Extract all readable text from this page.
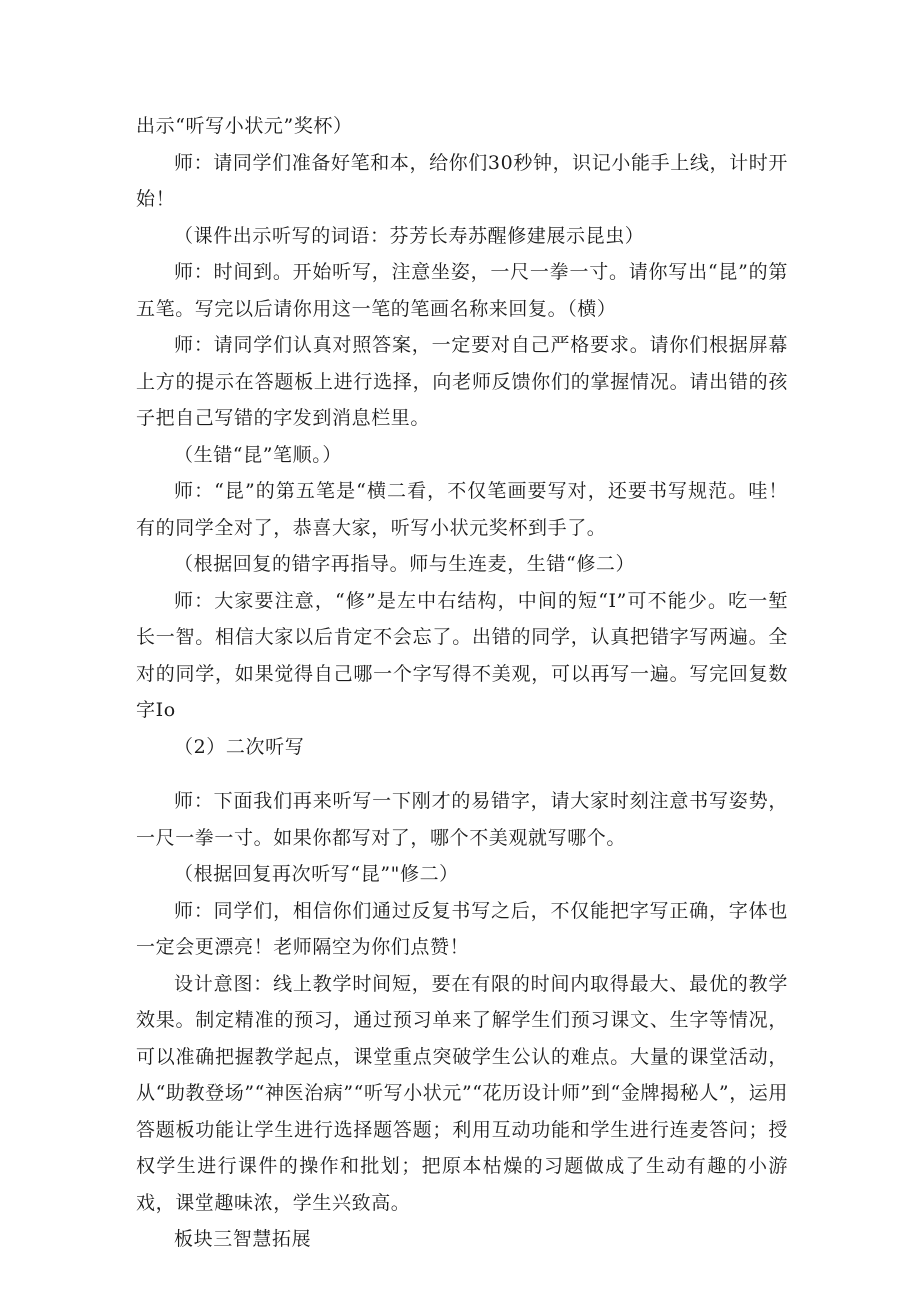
出示“听写小状元”奖杯）

师：请同学们准备好笔和本，给你们30秒钟，识记小能手上线，计时开始！

（课件出示听写的词语：芬芳长寿苏醒修建展示昆虫）

师：时间到。开始听写，注意坐姿，一尺一拳一寸。请你写出“昆”的第五笔。写完以后请你用这一笔的笔画名称来回复。（横）

师：请同学们认真对照答案，一定要对自己严格要求。请你们根据屏幕上方的提示在答题板上进行选择，向老师反馈你们的掌握情况。请出错的孩子把自己写错的字发到消息栏里。

（生错“昆”笔顺。）

师：“昆”的第五笔是“横二看，不仅笔画要写对，还要书写规范。哇！有的同学全对了，恭喜大家，听写小状元奖杯到手了。

（根据回复的错字再指导。师与生连麦，生错“修二）

师：大家要注意，“修”是左中右结构，中间的短“I”可不能少。吃一堑长一智。相信大家以后肯定不会忘了。出错的同学，认真把错字写两遍。全对的同学，如果觉得自己哪一个字写得不美观，可以再写一遍。写完回复数字Io

（2）二次听写

师：下面我们再来听写一下刚才的易错字，请大家时刻注意书写姿势，一尺一拳一寸。如果你都写对了，哪个不美观就写哪个。

（根据回复再次听写“昆”"修二）

师：同学们，相信你们通过反复书写之后，不仅能把字写正确，字体也一定会更漂亮！老师隔空为你们点赞！

设计意图：线上教学时间短，要在有限的时间内取得最大、最优的教学效果。制定精准的预习，通过预习单来了解学生们预习课文、生字等情况，可以准确把握教学起点，课堂重点突破学生公认的难点。大量的课堂活动，从“助教登场”“神医治病”“听写小状元”“花历设计师”到“金牌揭秘人”，运用答题板功能让学生进行选择题答题；利用互动功能和学生进行连麦答问；授权学生进行课件的操作和批划；把原本枯燥的习题做成了生动有趣的小游戏，课堂趣味浓，学生兴致高。

板块三智慧拓展
